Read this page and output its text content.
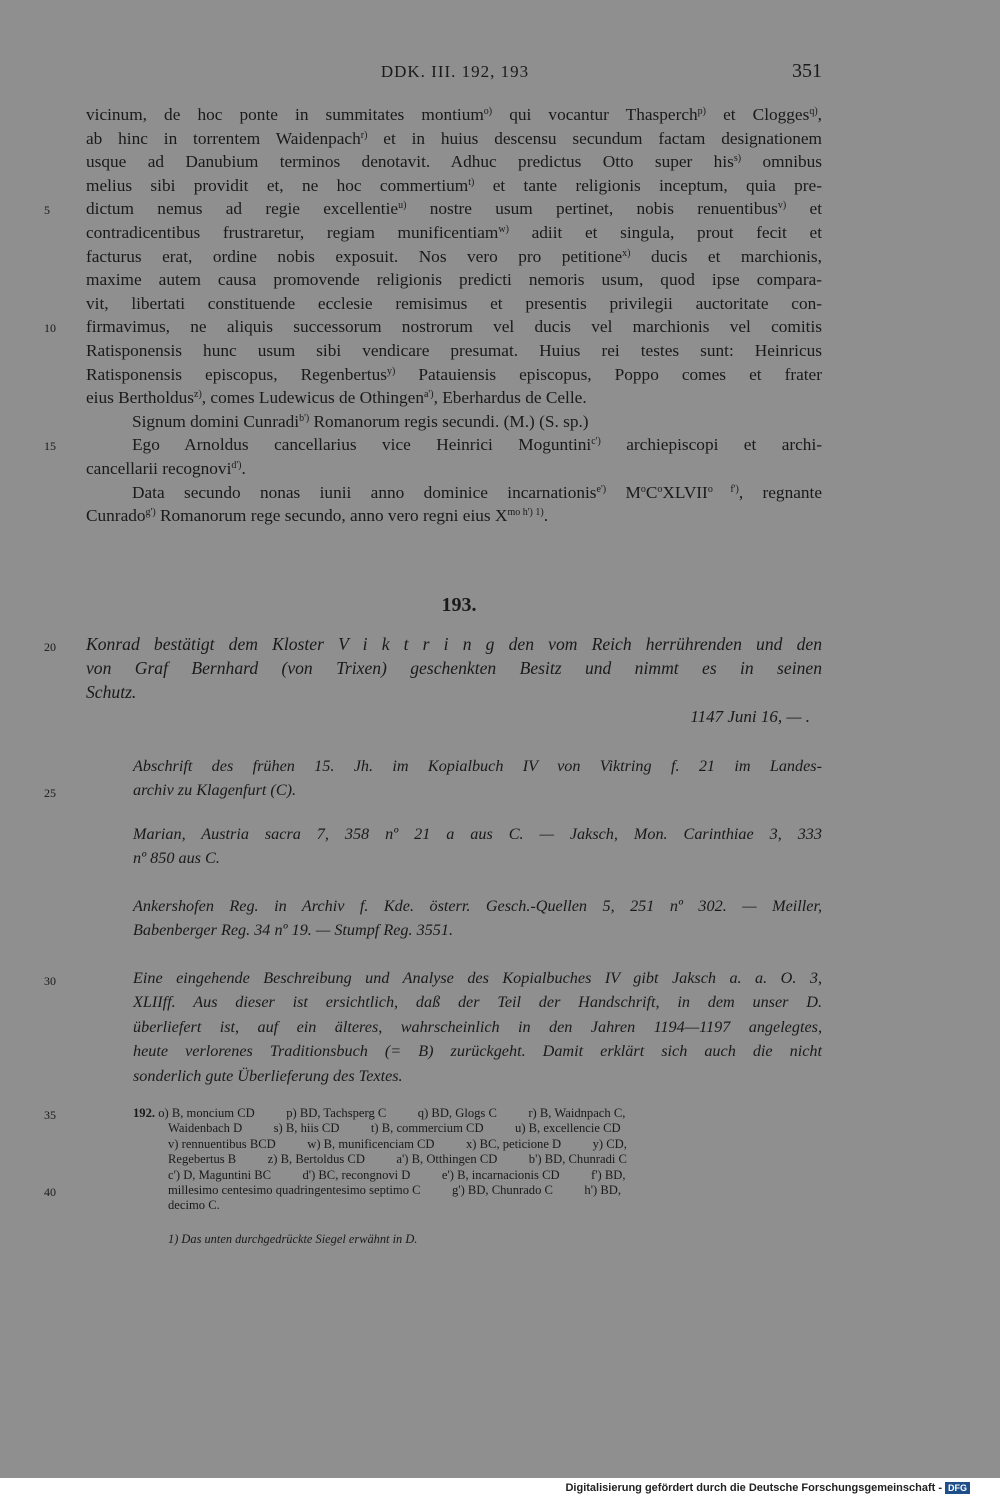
DDK. III. 192, 193	351
vicinum, de hoc ponte in summitates montium$^{o)}$ qui vocantur Thasperch$^{p)}$ et Clogges$^{q)}$,
ab hinc in torrentem Waidenpach$^{r)}$ et in huius descensu secundum factam designationem
usque ad Danubium terminos denotavit. Adhuc predictus Otto super his$^{s)}$ omnibus
melius sibi providit et, ne hoc commertium$^{t)}$ et tante religionis inceptum, quia pre-
dictum nemus ad regie excellentie$^{u)}$ nostre usum pertinet, nobis renuentibus$^{v)}$ et
contradicentibus frustraretur, regiam munificentiam$^{w)}$ adiit et singula, prout fecit et
facturus erat, ordine nobis exposuit. Nos vero pro petitione$^{x)}$ ducis et marchionis,
maxime autem causa promovende religionis predicti nemoris usum, quod ipse compara-
vit, libertati constituende ecclesie remisimus et presentis privilegii auctoritate con-
firmavimus, ne aliquis successorum nostrorum vel ducis vel marchionis vel comitis
Ratisponensis hunc usum sibi vendicare presumat. Huius rei testes sunt: Heinricus
Ratisponensis episcopus, Regenbertus$^{y)}$ Patauiensis episcopus, Poppo comes et frater
eius Bertholdus$^{z)}$, comes Ludewicus de Othingen$^{a')}$, Eberhardus de Celle.
Signum domini Cunradi$^{b')}$ Romanorum regis secundi. (M.) (S. sp.)
Ego Arnoldus cancellarius vice Heinrici Moguntini$^{c')}$ archiepiscopi et archi-
cancellarii recognovi$^{d')}$.
Data secundo nonas iunii anno dominice incarnationis$^{e')}$ $M^oC^oXLVII^{o f')}$, regnante
Cunrado$^{g')}$ Romanorum rege secundo, anno vero regni eius $X^{mo h') 1)}$.
193.
Konrad bestätigt dem Kloster V i k t r i n g den vom Reich herrührenden und den
von Graf Bernhard (von Trixen) geschenkten Besitz und nimmt es in seinen
Schutz.
1147 Juni 16, — .
Abschrift des frühen 15. Jh. im Kopialbuch IV von Viktring f. 21 im Landes-
archiv zu Klagenfurt (C).
Marian, Austria sacra 7, 358 nº 21 a aus C. — Jaksch, Mon. Carinthiae 3, 333
nº 850 aus C.
Ankershofen Reg. in Archiv f. Kde. österr. Gesch.-Quellen 5, 251 nº 302. — Meiller,
Babenberger Reg. 34 nº 19. — Stumpf Reg. 3551.
Eine eingehende Beschreibung und Analyse des Kopialbuches IV gibt Jaksch a. a. O. 3,
XLIIff. Aus dieser ist ersichtlich, daß der Teil der Handschrift, in dem unser D.
überliefert ist, auf ein älteres, wahrscheinlich in den Jahren 1194—1197 angelegtes,
heute verlorenes Traditionsbuch (= B) zurückgeht. Damit erklärt sich auch die nicht
sonderlich gute Überlieferung des Textes.
192. o) B, moncium CD          p) BD, Tachsperg C          q) BD, Glogs C          r) B, Waidnpach C,
Waidenbach D          s) B, hiis CD          t) B, commercium CD          u) B, excellencie CD
v) rennuentibus BCD          w) B, munificenciam CD          x) BC, peticione D          y) CD,
Regebertus B          z) B, Bertoldus CD          a') B, Otthingen CD          b') BD, Chunradi C
c') D, Maguntini BC          d') BC, recongnovi D          e') B, incarnacionis CD          f') BD,
millesimo centesimo quadringentesimo septimo C          g') BD, Chunrado C          h') BD,
decimo C.
1) Das unten durchgedrückte Siegel erwähnt in D.
5
10
15
20
25
30
35
40
Digitalisierung gefördert durch die Deutsche Forschungsgemeinschaft - DFG
